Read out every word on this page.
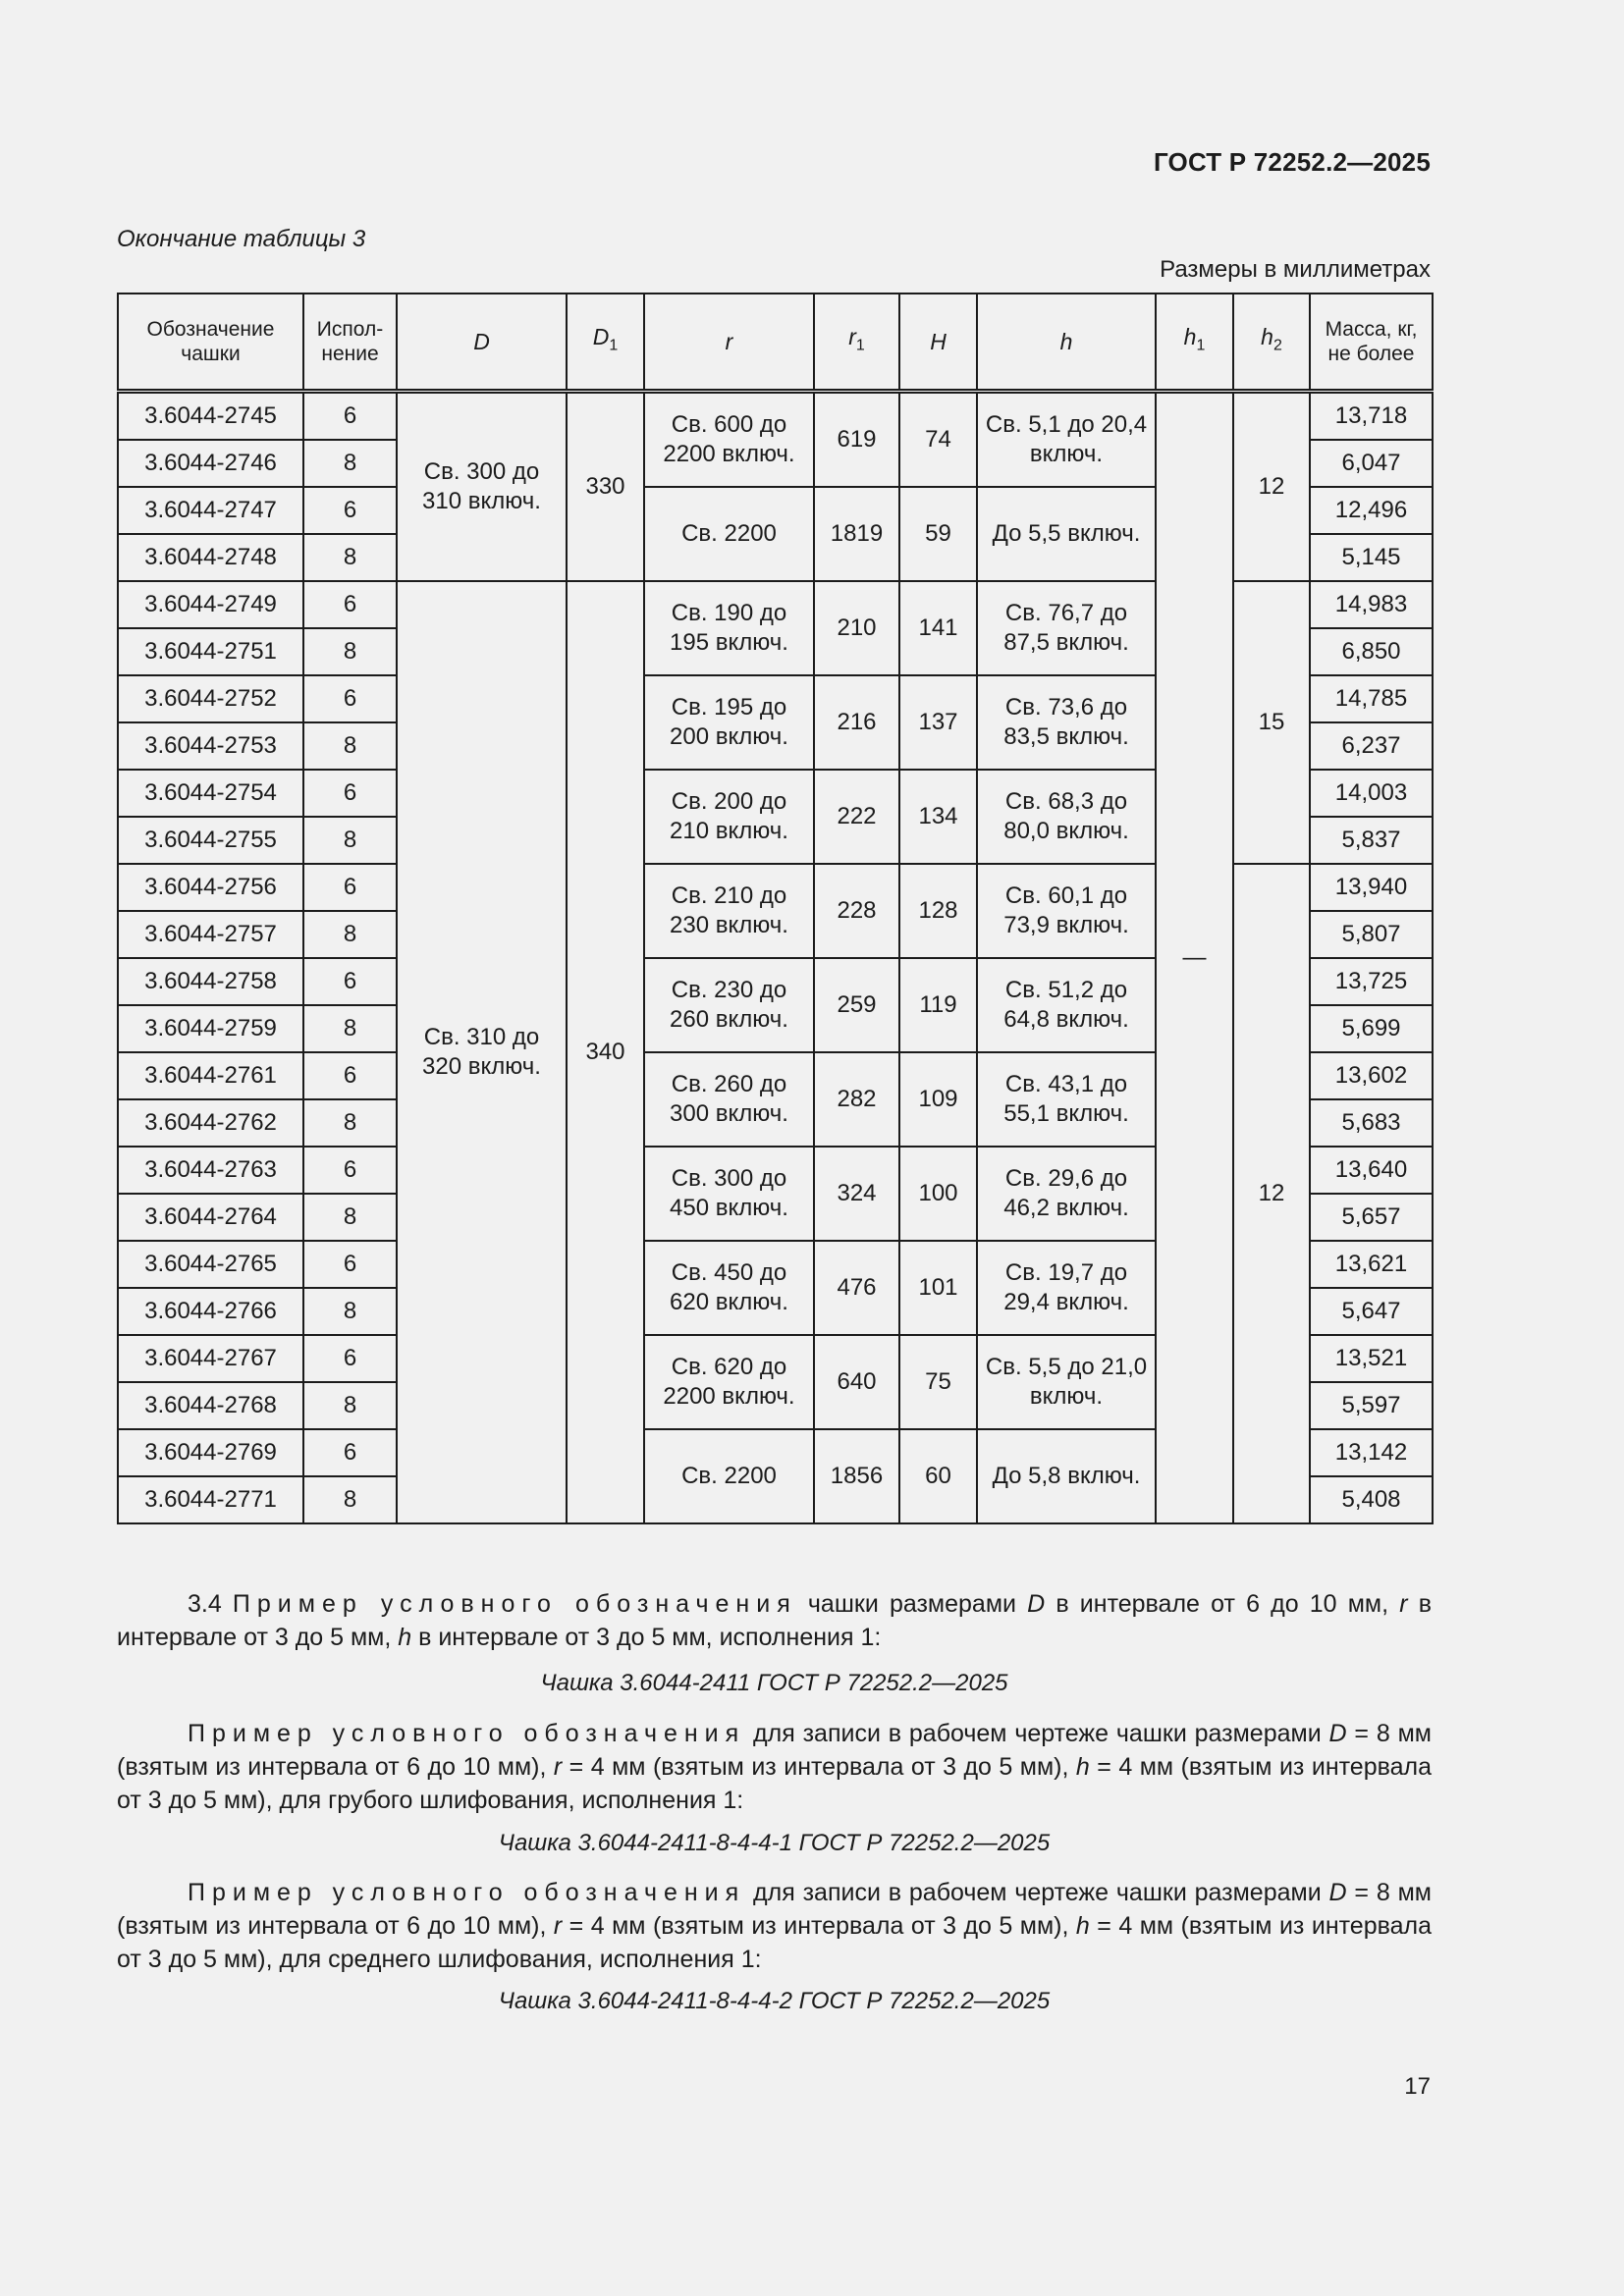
ГОСТ Р 72252.2—2025
Окончание таблицы 3
Размеры в миллиметрах
Обозначение чашки	Испол-нение	D	$D_1$	r	$r_1$	H	h	$h_1$	$h_2$	Масса, кг, не более
3.6044-2745	6	Св. 300 до 310 включ.	330	Св. 600 до 2200 включ.	619	74	Св. 5,1 до 20,4 включ.	—	12	13,718
3.6044-2746	8									6,047
3.6044-2747	6			Св. 2200	1819	59	До 5,5 включ.			12,496
3.6044-2748	8									5,145
3.6044-2749	6	Св. 310 до 320 включ.	340	Св. 190 до 195 включ.	210	141	Св. 76,7 до 87,5 включ.		15	14,983
3.6044-2751	8									6,850
3.6044-2752	6			Св. 195 до 200 включ.	216	137	Св. 73,6 до 83,5 включ.			14,785
3.6044-2753	8									6,237
3.6044-2754	6			Св. 200 до 210 включ.	222	134	Св. 68,3 до 80,0 включ.			14,003
3.6044-2755	8									5,837
3.6044-2756	6			Св. 210 до 230 включ.	228	128	Св. 60,1 до 73,9 включ.		12	13,940
3.6044-2757	8									5,807
3.6044-2758	6			Св. 230 до 260 включ.	259	119	Св. 51,2 до 64,8 включ.			13,725
3.6044-2759	8									5,699
3.6044-2761	6			Св. 260 до 300 включ.	282	109	Св. 43,1 до 55,1 включ.			13,602
3.6044-2762	8									5,683
3.6044-2763	6			Св. 300 до 450 включ.	324	100	Св. 29,6 до 46,2 включ.			13,640
3.6044-2764	8									5,657
3.6044-2765	6			Св. 450 до 620 включ.	476	101	Св. 19,7 до 29,4 включ.			13,621
3.6044-2766	8									5,647
3.6044-2767	6			Св. 620 до 2200 включ.	640	75	Св. 5,5 до 21,0 включ.			13,521
3.6044-2768	8									5,597
3.6044-2769	6			Св. 2200	1856	60	До 5,8 включ.			13,142
3.6044-2771	8									5,408

3.4 Пример условного обозначения чашки размерами D в интервале от 6 до 10 мм, r в интервале от 3 до 5 мм, h в интервале от 3 до 5 мм, исполнения 1:

Чашка 3.6044-2411 ГОСТ Р 72252.2—2025

Пример условного обозначения для записи в рабочем чертеже чашки размерами D = 8 мм (взятым из интервала от 6 до 10 мм), r = 4 мм (взятым из интервала от 3 до 5 мм), h = 4 мм (взятым из интервала от 3 до 5 мм), для грубого шлифования, исполнения 1:

Чашка 3.6044-2411-8-4-4-1 ГОСТ Р 72252.2—2025

Пример условного обозначения для записи в рабочем чертеже чашки размерами D = 8 мм (взятым из интервала от 6 до 10 мм), r = 4 мм (взятым из интервала от 3 до 5 мм), h = 4 мм (взятым из интервала от 3 до 5 мм), для среднего шлифования, исполнения 1:

Чашка 3.6044-2411-8-4-4-2 ГОСТ Р 72252.2—2025
17
